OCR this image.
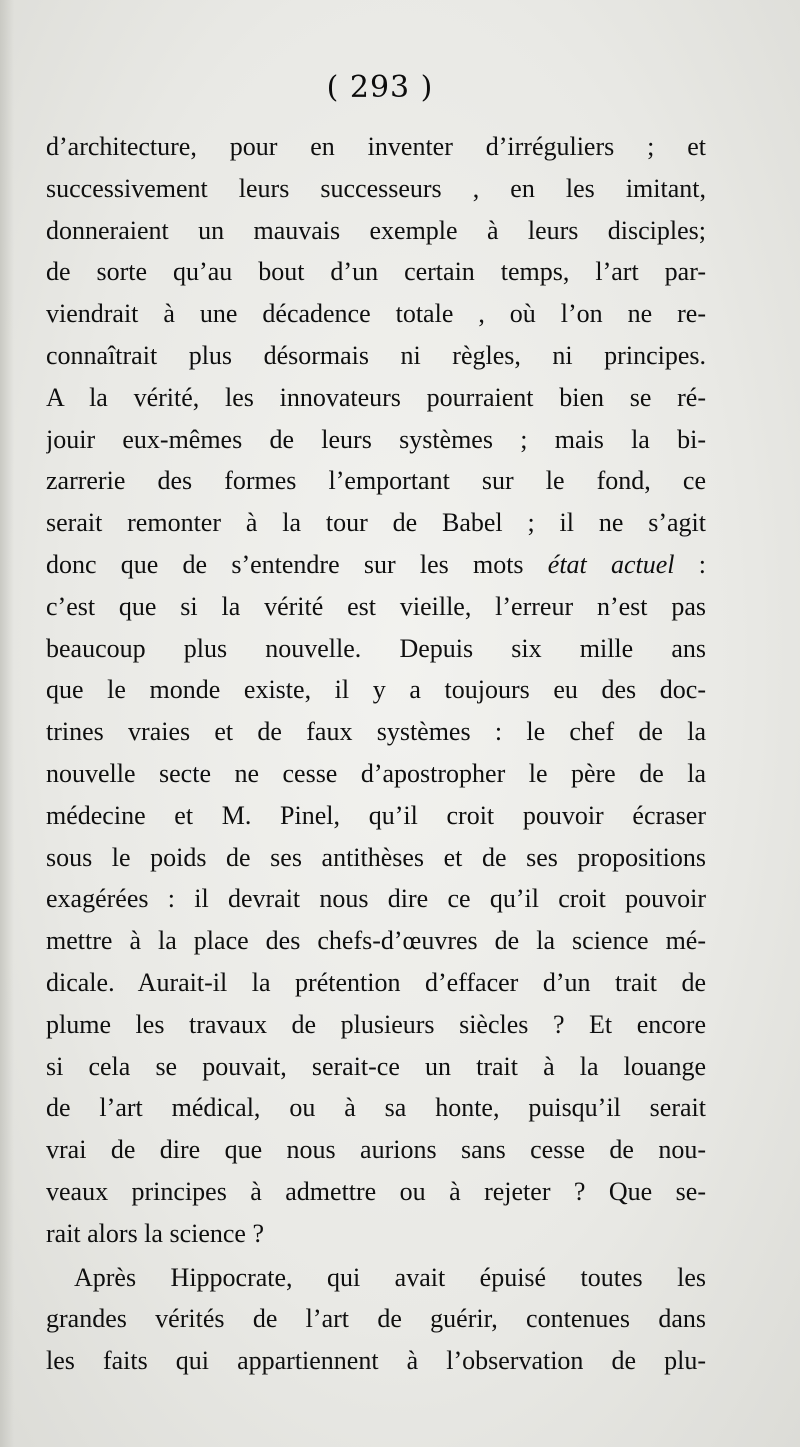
( 293 )
d’architecture, pour en inventer d’irréguliers ; et
successivement leurs successeurs , en les imitant,
donneraient un mauvais exemple à leurs disciples;
de sorte qu’au bout d’un certain temps, l’art par-
viendrait à une décadence totale , où l’on ne re-
connaîtrait plus désormais ni règles, ni principes.
A la vérité, les innovateurs pourraient bien se ré-
jouir eux-mêmes de leurs systèmes ; mais la bi-
zarrerie des formes l’emportant sur le fond, ce
serait remonter à la tour de Babel ; il ne s’agit
donc que de s’entendre sur les mots état actuel :
c’est que si la vérité est vieille, l’erreur n’est pas
beaucoup plus nouvelle. Depuis six mille ans
que le monde existe, il y a toujours eu des doc-
trines vraies et de faux systèmes : le chef de la
nouvelle secte ne cesse d’apostropher le père de la
médecine et M. Pinel, qu’il croit pouvoir écraser
sous le poids de ses antithèses et de ses propositions
exagérées : il devrait nous dire ce qu’il croit pouvoir
mettre à la place des chefs-d’œuvres de la science mé-
dicale. Aurait-il la prétention d’effacer d’un trait de
plume les travaux de plusieurs siècles ? Et encore
si cela se pouvait, serait-ce un trait à la louange
de l’art médical, ou à sa honte, puisqu’il serait
vrai de dire que nous aurions sans cesse de nou-
veaux principes à admettre ou à rejeter ? Que se-
rait alors la science ?
Après Hippocrate, qui avait épuisé toutes les
grandes vérités de l’art de guérir, contenues dans
les faits qui appartiennent à l’observation de plu-
